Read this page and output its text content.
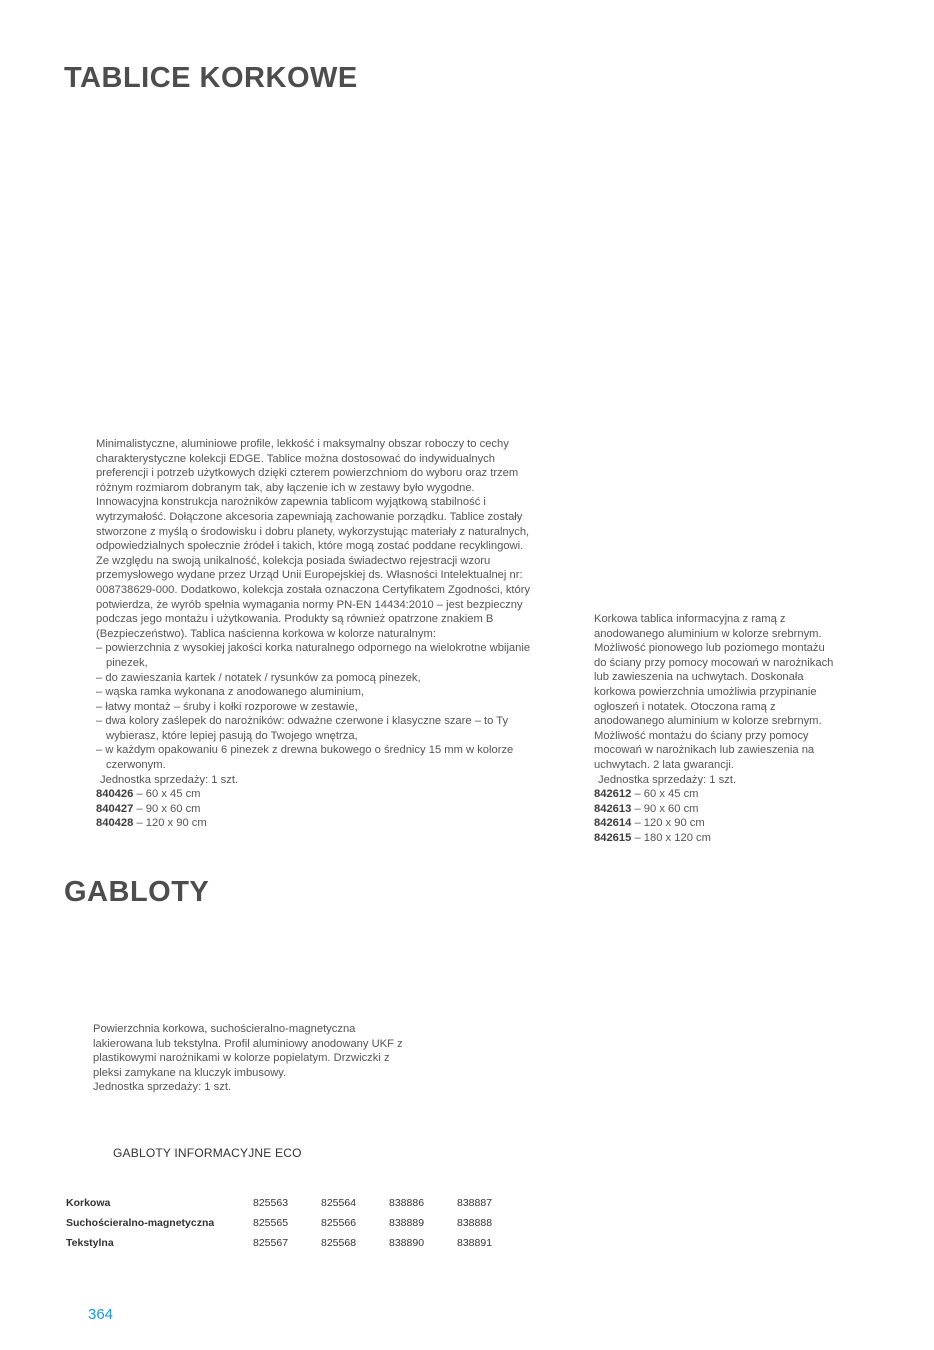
TABLICE KORKOWE

Minimalistyczne, aluminiowe profile, lekkość i maksymalny obszar roboczy to cechy charakterystyczne kolekcji EDGE. Tablice można dostosować do indywidualnych preferencji i potrzeb użytkowych dzięki czterem powierzchniom do wyboru oraz trzem różnym rozmiarom dobranym tak, aby łączenie ich w zestawy było wygodne. Innowacyjna konstrukcja narożników zapewnia tablicom wyjątkową stabilność i wytrzymałość. Dołączone akcesoria zapewniają zachowanie porządku. Tablice zostały stworzone z myślą o środowisku i dobru planety, wykorzystując materiały z naturalnych, odpowiedzialnych społecznie źródeł i takich, które mogą zostać poddane recyklingowi. Ze względu na swoją unikalność, kolekcja posiada świadectwo rejestracji wzoru przemysłowego wydane przez Urząd Unii Europejskiej ds. Własności Intelektualnej nr: 008738629-000. Dodatkowo, kolekcja została oznaczona Certyfikatem Zgodności, który potwierdza, że wyrób spełnia wymagania normy PN-EN 14434:2010 – jest bezpieczny podczas jego montażu i użytkowania. Produkty są również opatrzone znakiem B (Bezpieczeństwo). Tablica naścienna korkowa w kolorze naturalnym:

– powierzchnia z wysokiej jakości korka naturalnego odpornego na wielokrotne wbijanie pinezek,

– do zawieszania kartek / notatek / rysunków za pomocą pinezek,

– wąska ramka wykonana z anodowanego aluminium,

– łatwy montaż – śruby i kołki rozporowe w zestawie,

– dwa kolory zaślepek do narożników: odważne czerwone i klasyczne szare – to Ty wybierasz, które lepiej pasują do Twojego wnętrza,

– w każdym opakowaniu 6 pinezek z drewna bukowego o średnicy 15 mm w kolorze czerwonym.

Jednostka sprzedaży: 1 szt.

840426 – 60 x 45 cm

840427 – 90 x 60 cm

840428 – 120 x 90 cm

Korkowa tablica informacyjna z ramą z anodowanego aluminium w kolorze srebrnym. Możliwość pionowego lub poziomego montażu do ściany przy pomocy mocowań w narożnikach lub zawieszenia na uchwytach. Doskonała korkowa powierzchnia umożliwia przypinanie ogłoszeń i notatek. Otoczona ramą z anodowanego aluminium w kolorze srebrnym. Możliwość montażu do ściany przy pomocy mocowań w narożnikach lub zawieszenia na uchwytach. 2 lata gwarancji.

Jednostka sprzedaży: 1 szt.

842612 – 60 x 45 cm

842613 – 90 x 60 cm

842614 – 120 x 90 cm

842615 – 180 x 120 cm

GABLOTY

Powierzchnia korkowa, suchościeralno-magnetyczna lakierowana lub tekstylna. Profil aluminiowy anodowany UKF z plastikowymi narożnikami w kolorze popielatym. Drzwiczki z pleksi zamykane na kluczyk imbusowy.

Jednostka sprzedaży: 1 szt.

GABLOTY INFORMACYJNE ECO
Korkowa	825563	825564	838886	838887
Suchościeralno-magnetyczna	825565	825566	838889	838888
Tekstylna	825567	825568	838890	838891
364
